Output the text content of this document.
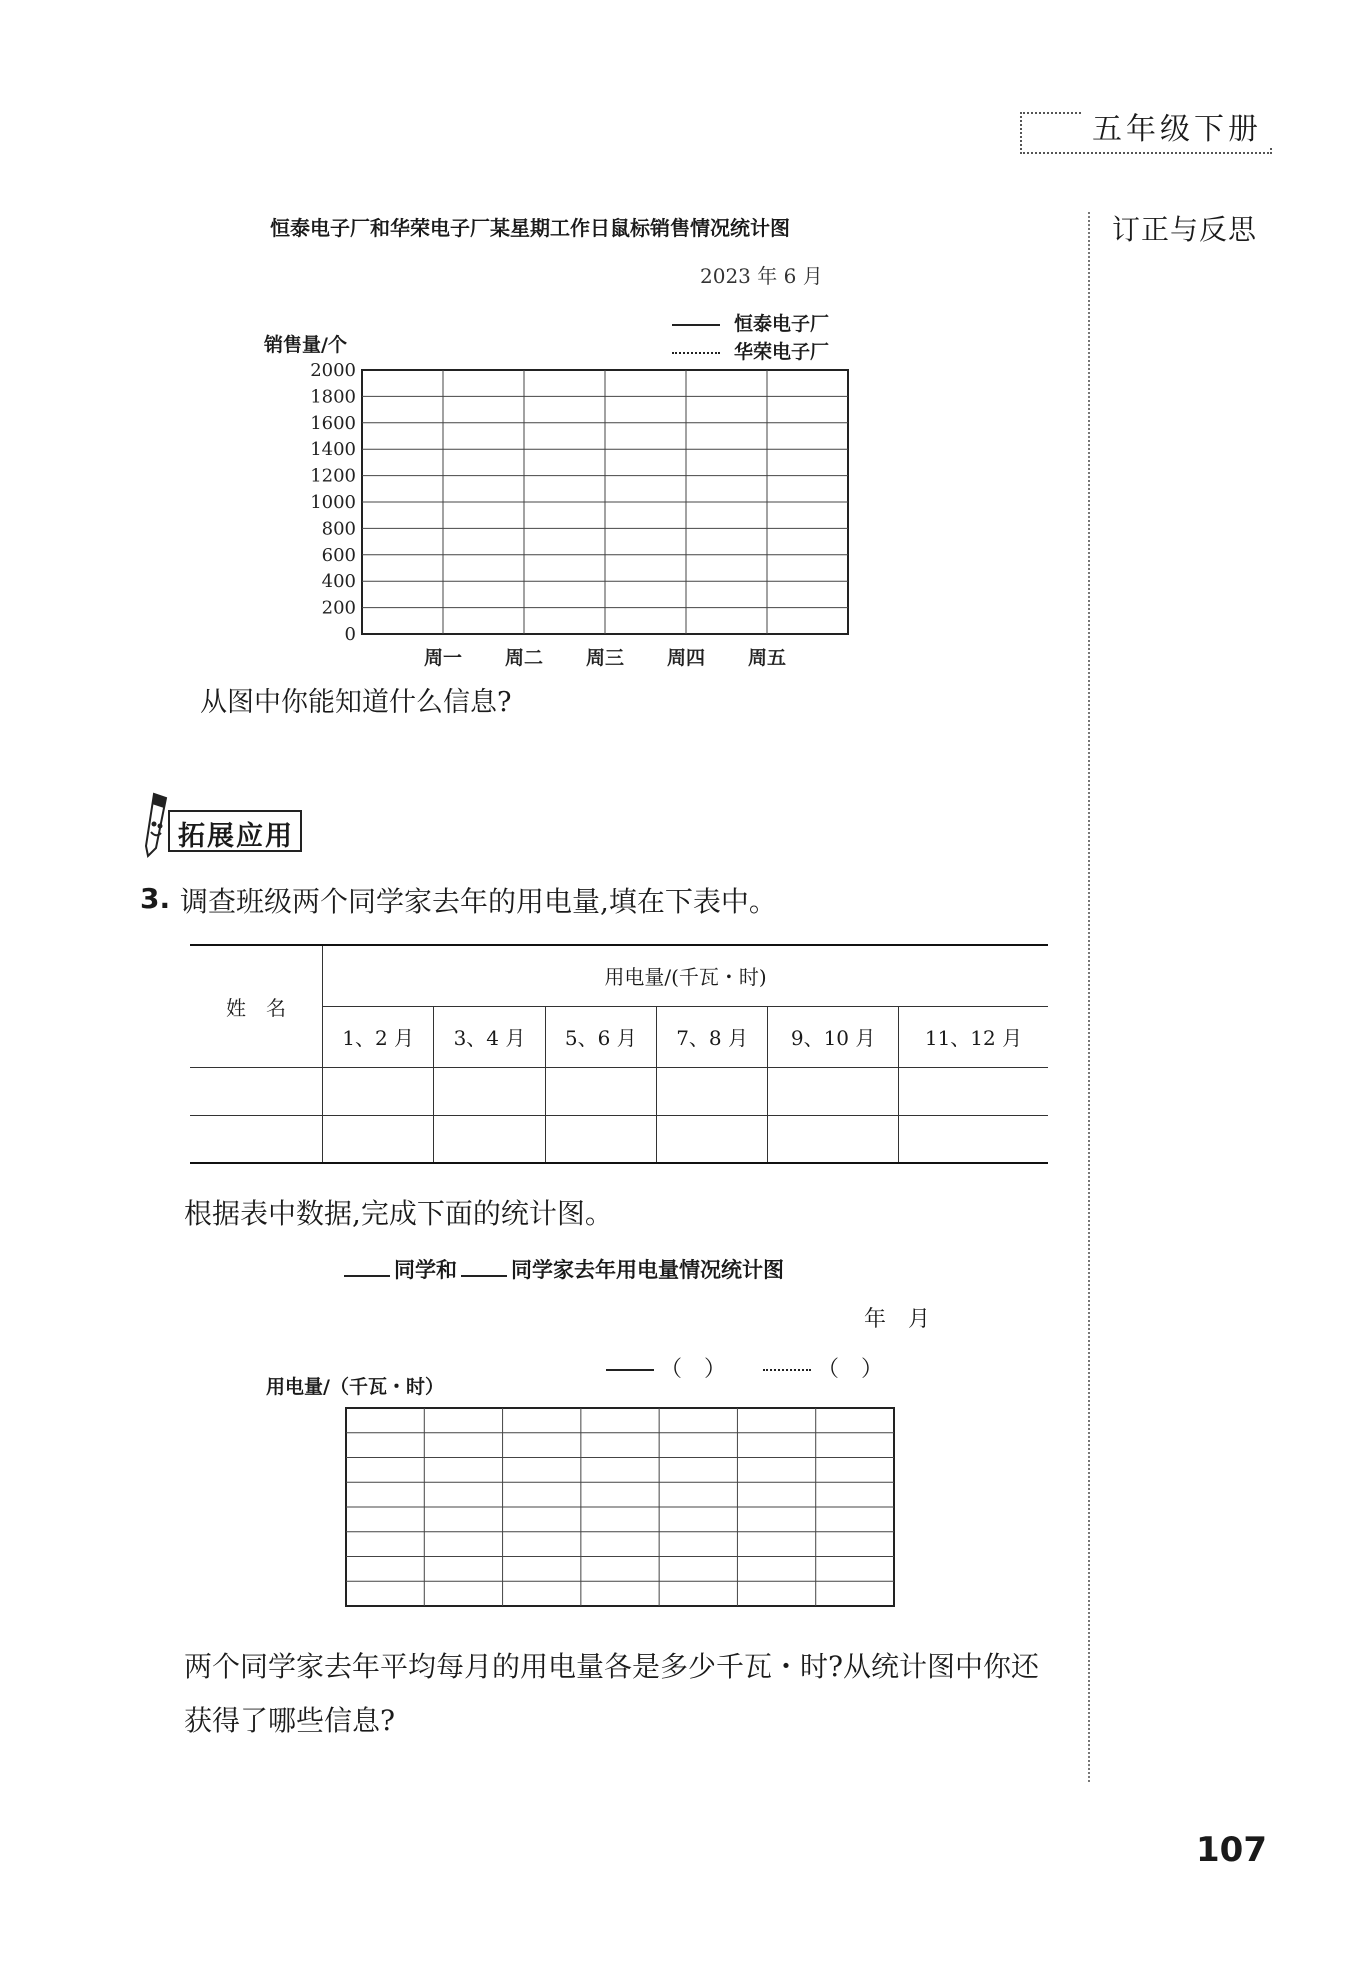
五年级下册
订正与反思
107
恒泰电子厂和华荣电子厂某星期工作日鼠标销售情况统计图
2023 年 6 月
销售量/个
恒泰电子厂
华荣电子厂
2000
1800
1600
1400
1200
1000
800
600
400
200
0
周一 周二 周三 周四 周五
从图中你能知道什么信息?
拓展应用
3. 调查班级两个同学家去年的用电量,填在下表中。
姓　名	用电量/(千瓦・时)					
	1、2 月	3、4 月	5、6 月	7、8 月	9、10 月	11、12 月

根据表中数据,完成下面的统计图。
同学和	同学家去年用电量情况统计图
年　月
（　）	（　）
用电量/（千瓦・时）
两个同学家去年平均每月的用电量各是多少千瓦・时?从统计图中你还获得了哪些信息?
